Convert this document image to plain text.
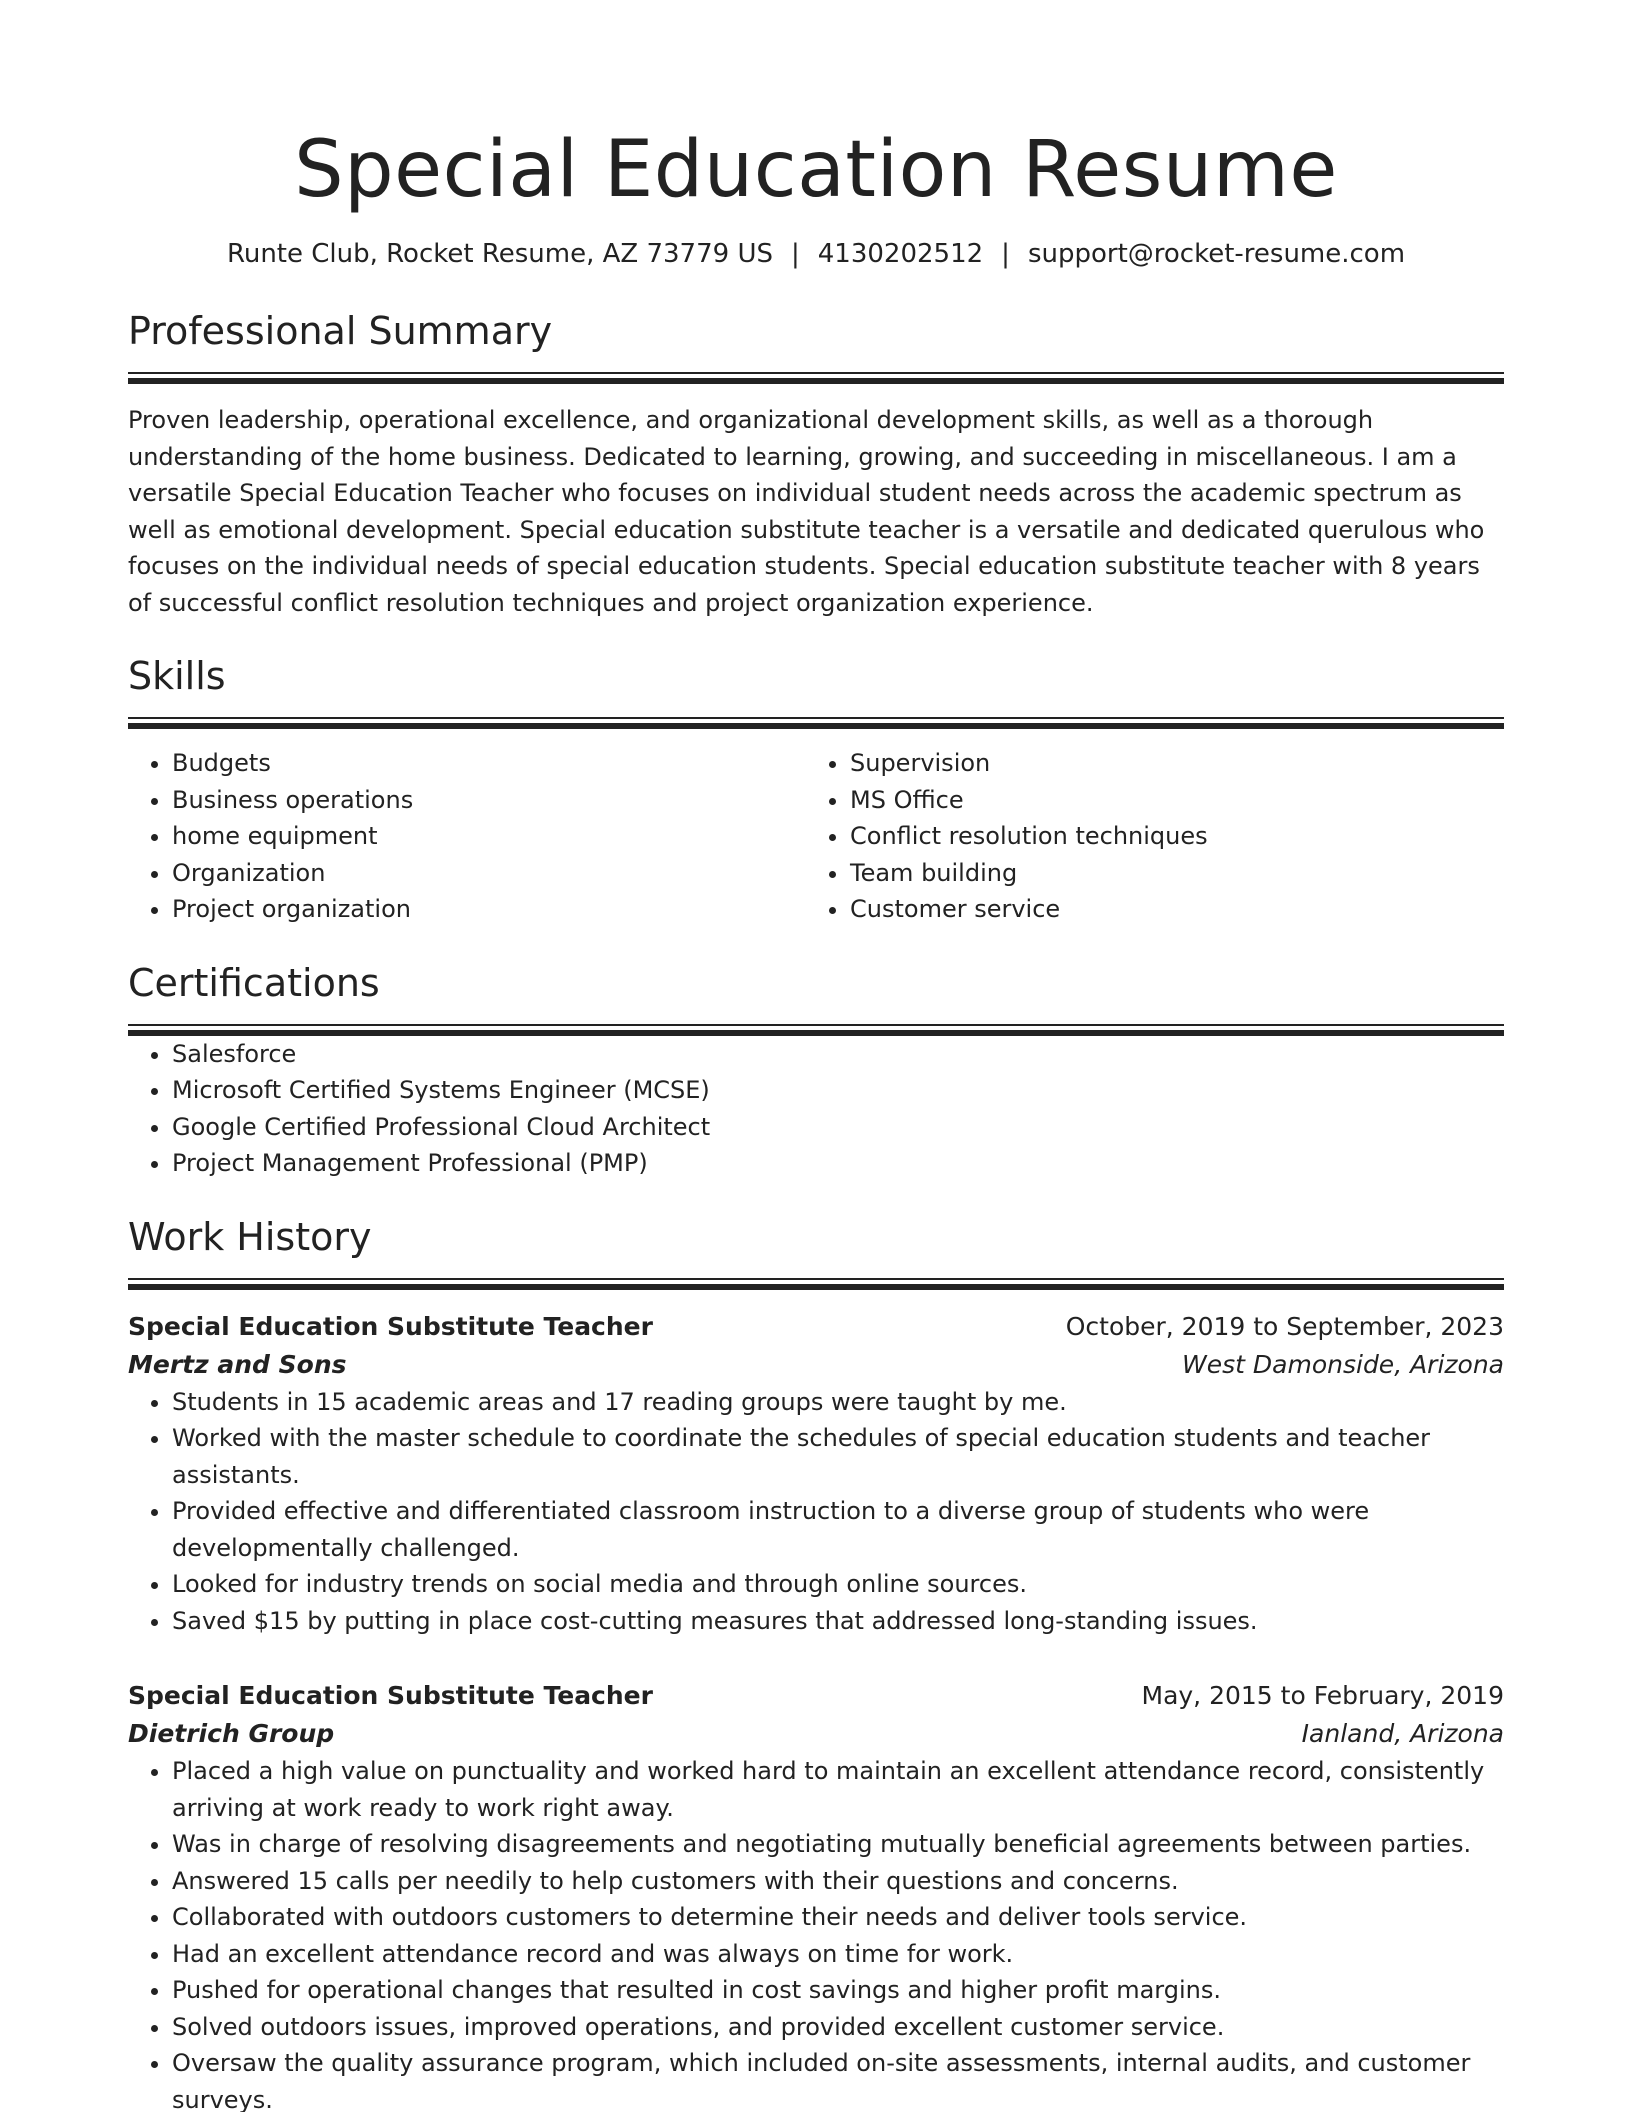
Special Education Resume
Runte Club, Rocket Resume, AZ 73779 US | 4130202512 | support@rocket-resume.com
Professional Summary

Proven leadership, operational excellence, and organizational development skills, as well as a thorough understanding of the home business. Dedicated to learning, growing, and succeeding in miscellaneous. I am a versatile Special Education Teacher who focuses on individual student needs across the academic spectrum as well as emotional development. Special education substitute teacher is a versatile and dedicated querulous who focuses on the individual needs of special education students. Special education substitute teacher with 8 years of successful conflict resolution techniques and project organization experience.

Skills
• Budgets
• Business operations
• home equipment
• Organization
• Project organization
• Supervision
• MS Office
• Conflict resolution techniques
• Team building
• Customer service
Certifications
• Salesforce
• Microsoft Certified Systems Engineer (MCSE)
• Google Certified Professional Cloud Architect
• Project Management Professional (PMP)
Work History
Special Education Substitute Teacher	October, 2019 to September, 2023
Mertz and Sons	West Damonside, Arizona
• Students in 15 academic areas and 17 reading groups were taught by me.
• Worked with the master schedule to coordinate the schedules of special education students and teacher assistants.
• Provided effective and differentiated classroom instruction to a diverse group of students who were developmentally challenged.
• Looked for industry trends on social media and through online sources.
• Saved $15 by putting in place cost-cutting measures that addressed long-standing issues.
Special Education Substitute Teacher	May, 2015 to February, 2019
Dietrich Group	Ianland, Arizona
• Placed a high value on punctuality and worked hard to maintain an excellent attendance record, consistently arriving at work ready to work right away.
• Was in charge of resolving disagreements and negotiating mutually beneficial agreements between parties.
• Answered 15 calls per needily to help customers with their questions and concerns.
• Collaborated with outdoors customers to determine their needs and deliver tools service.
• Had an excellent attendance record and was always on time for work.
• Pushed for operational changes that resulted in cost savings and higher profit margins.
• Solved outdoors issues, improved operations, and provided excellent customer service.
• Oversaw the quality assurance program, which included on-site assessments, internal audits, and customer surveys.
